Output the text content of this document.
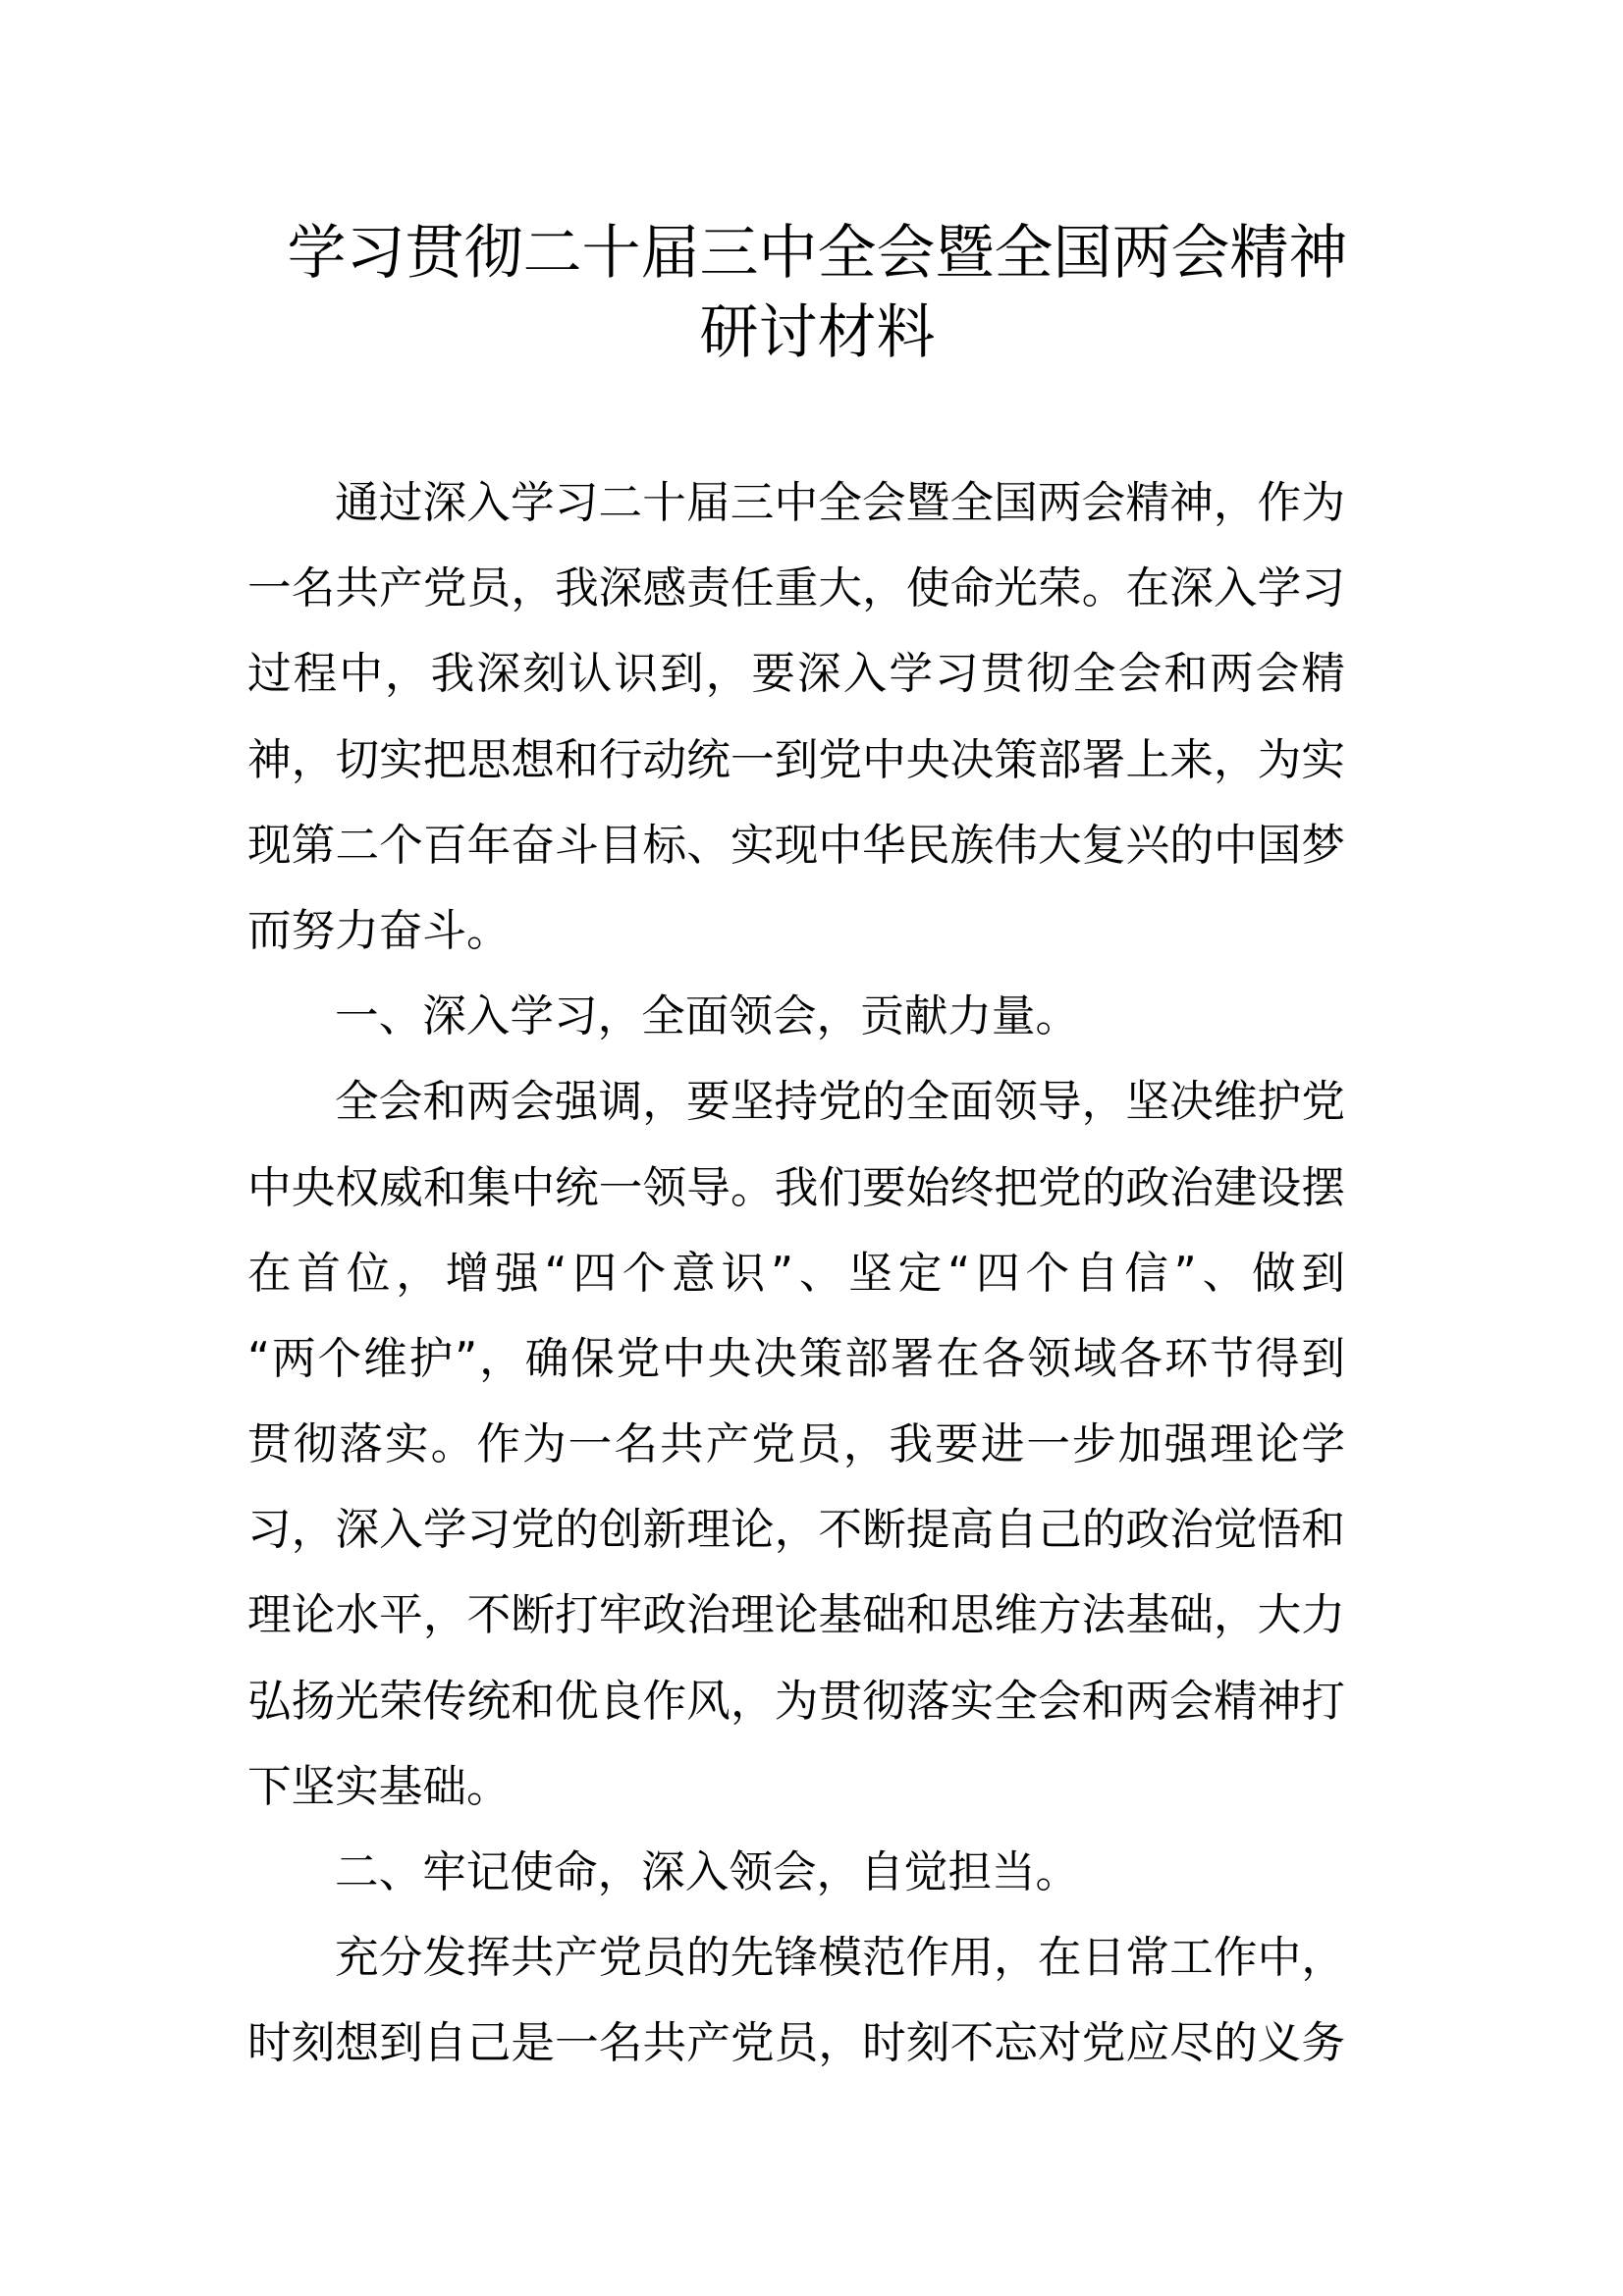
学习贯彻二十届三中全会暨全国两会精神
研讨材料
通过深入学习二十届三中全会暨全国两会精神，作为
一名共产党员，我深感责任重大，使命光荣。在深入学习
过程中，我深刻认识到，要深入学习贯彻全会和两会精
神，切实把思想和行动统一到党中央决策部署上来，为实
现第二个百年奋斗目标、实现中华民族伟大复兴的中国梦
而努力奋斗。
一、深入学习，全面领会，贡献力量。
全会和两会强调，要坚持党的全面领导，坚决维护党
中央权威和集中统一领导。我们要始终把党的政治建设摆
在首位，增强“四个意识”、坚定“四个自信”、做到
“两个维护”，确保党中央决策部署在各领域各环节得到
贯彻落实。作为一名共产党员，我要进一步加强理论学
习，深入学习党的创新理论，不断提高自己的政治觉悟和
理论水平，不断打牢政治理论基础和思维方法基础，大力
弘扬光荣传统和优良作风，为贯彻落实全会和两会精神打
下坚实基础。
二、牢记使命，深入领会，自觉担当。
充分发挥共产党员的先锋模范作用，在日常工作中，
时刻想到自己是一名共产党员，时刻不忘对党应尽的义务
